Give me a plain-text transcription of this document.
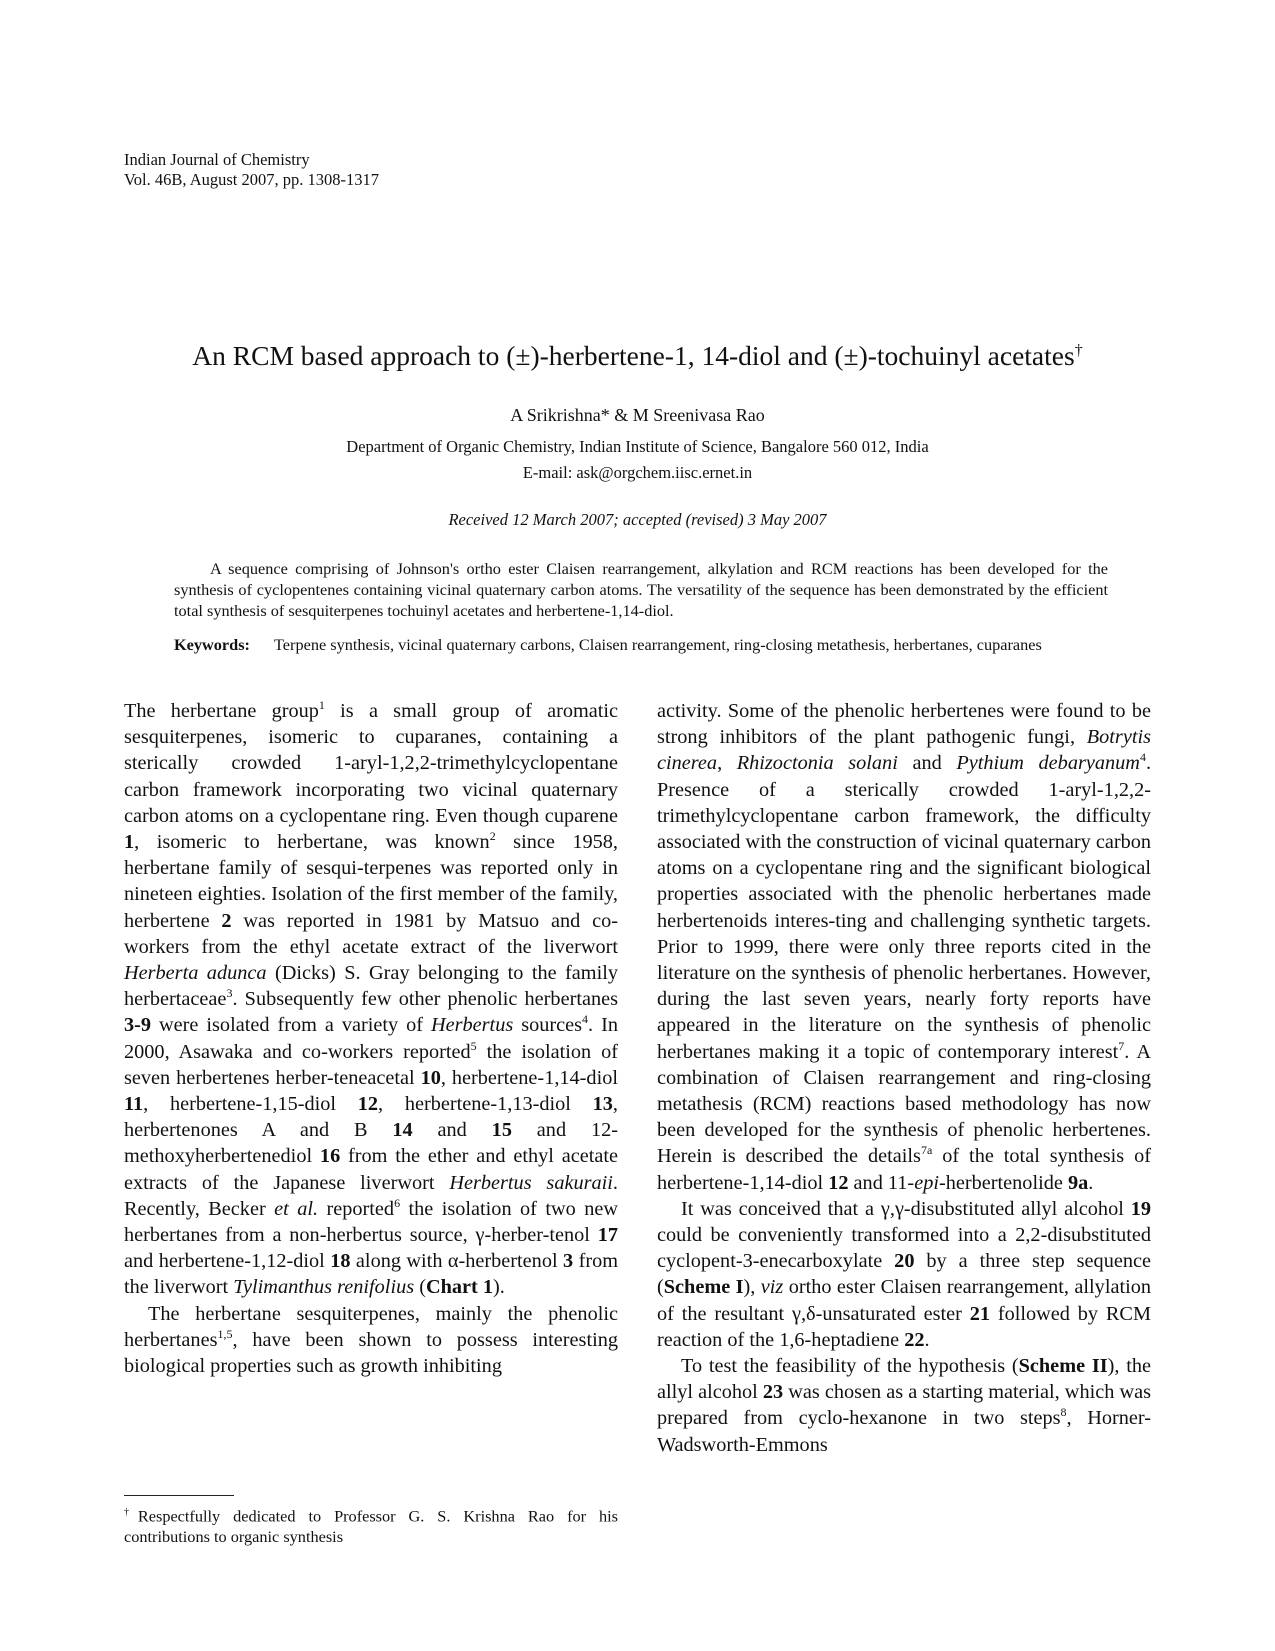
Indian Journal of Chemistry
Vol. 46B, August 2007, pp. 1308-1317
An RCM based approach to (±)-herbertene-1, 14-diol and (±)-tochuinyl acetates†
A Srikrishna* & M Sreenivasa Rao
Department of Organic Chemistry, Indian Institute of Science, Bangalore 560 012, India
E-mail: ask@orgchem.iisc.ernet.in
Received 12 March 2007; accepted (revised) 3 May 2007
A sequence comprising of Johnson's ortho ester Claisen rearrangement, alkylation and RCM reactions has been developed for the synthesis of cyclopentenes containing vicinal quaternary carbon atoms. The versatility of the sequence has been demonstrated by the efficient total synthesis of sesquiterpenes tochuinyl acetates and herbertene-1,14-diol.
Keywords: Terpene synthesis, vicinal quaternary carbons, Claisen rearrangement, ring-closing metathesis, herbertanes, cuparanes

The herbertane group$^1$ is a small group of aromatic sesquiterpenes, isomeric to cuparanes, containing a sterically crowded 1-aryl-1,2,2-trimethylcyclopentane carbon framework incorporating two vicinal quaternary carbon atoms on a cyclopentane ring. Even though cuparene 1, isomeric to herbertane, was known$^2$ since 1958, herbertane family of sesqui-terpenes was reported only in nineteen eighties. Isolation of the first member of the family, herbertene 2 was reported in 1981 by Matsuo and co-workers from the ethyl acetate extract of the liverwort Herberta adunca (Dicks) S. Gray belonging to the family herbertaceae$^3$. Subsequently few other phenolic herbertanes 3-9 were isolated from a variety of Herbertus sources$^4$. In 2000, Asawaka and co-workers reported$^5$ the isolation of seven herbertenes herber-teneacetal 10, herbertene-1,14-diol 11, herbertene-1,15-diol 12, herbertene-1,13-diol 13, herbertenones A and B 14 and 15 and 12-methoxyherbertenediol 16 from the ether and ethyl acetate extracts of the Japanese liverwort Herbertus sakuraii. Recently, Becker et al. reported$^6$ the isolation of two new herbertanes from a non-herbertus source, γ-herber-tenol 17 and herbertene-1,12-diol 18 along with α-herbertenol 3 from the liverwort Tylimanthus renifolius (Chart 1).

The herbertane sesquiterpenes, mainly the phenolic herbertanes$^{1,5}$, have been shown to possess interesting biological properties such as growth inhibiting

activity. Some of the phenolic herbertenes were found to be strong inhibitors of the plant pathogenic fungi, Botrytis cinerea, Rhizoctonia solani and Pythium debaryanum$^4$. Presence of a sterically crowded 1-aryl-1,2,2-trimethylcyclopentane carbon framework, the difficulty associated with the construction of vicinal quaternary carbon atoms on a cyclopentane ring and the significant biological properties associated with the phenolic herbertanes made herbertenoids interes-ting and challenging synthetic targets. Prior to 1999, there were only three reports cited in the literature on the synthesis of phenolic herbertanes. However, during the last seven years, nearly forty reports have appeared in the literature on the synthesis of phenolic herbertanes making it a topic of contemporary interest$^7$. A combination of Claisen rearrangement and ring-closing metathesis (RCM) reactions based methodology has now been developed for the synthesis of phenolic herbertenes. Herein is described the details$^{7a}$ of the total synthesis of herbertene-1,14-diol 12 and 11-epi-herbertenolide 9a.

It was conceived that a γ,γ-disubstituted allyl alcohol 19 could be conveniently transformed into a 2,2-disubstituted cyclopent-3-enecarboxylate 20 by a three step sequence (Scheme I), viz ortho ester Claisen rearrangement, allylation of the resultant γ,δ-unsaturated ester 21 followed by RCM reaction of the 1,6-heptadiene 22.

To test the feasibility of the hypothesis (Scheme II), the allyl alcohol 23 was chosen as a starting material, which was prepared from cyclo-hexanone in two steps$^8$, Horner-Wadsworth-Emmons

†Respectfully dedicated to Professor G. S. Krishna Rao for his contributions to organic synthesis
